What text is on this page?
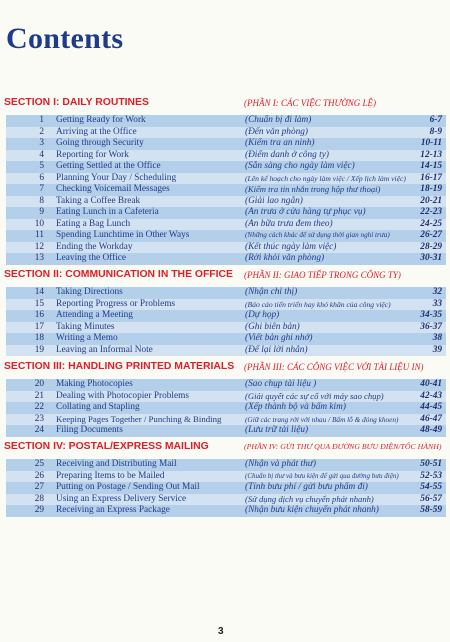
Contents
SECTION I: DAILY ROUTINES	(PHẦN I: CÁC VIỆC THƯỜNG LỆ)
1 Getting Ready for Work	(Chuẩn bị đi làm)	6-7
2 Arriving at the Office	(Đến văn phòng)	8-9
3 Going through Security	(Kiểm tra an ninh)	10-11
4 Reporting for Work	(Điểm danh ở công ty)	12-13
5 Getting Settled at the Office	(Sẵn sàng cho ngày làm việc)	14-15
6 Planning Your Day / Scheduling	(Lên kế hoạch cho ngày làm việc / Xếp lịch làm việc)	16-17
7 Checking Voicemail Messages	(Kiểm tra tin nhắn trong hộp thư thoại)	18-19
8 Taking a Coffee Break	(Giải lao ngắn)	20-21
9 Eating Lunch in a Cafeteria	(Ăn trưa ở cửa hàng tự phục vụ)	22-23
10 Eating a Bag Lunch	(Ăn bữa trưa đem theo)	24-25
11 Spending Lunchtime in Other Ways	(Những cách khác để sử dụng thời gian nghỉ trưa)	26-27
12 Ending the Workday	(Kết thúc ngày làm việc)	28-29
13 Leaving the Office	(Rời khỏi văn phòng)	30-31
SECTION II: COMMUNICATION IN THE OFFICE (PHẦN II: GIAO TIẾP TRONG CÔNG TY)
14 Taking Directions	(Nhận chỉ thị)	32
15 Reporting Progress or Problems	(Báo cáo tiến triển hay khó khăn của công việc)	33
16 Attending a Meeting	(Dự họp)	34-35
17 Taking Minutes	(Ghi biên bản)	36-37
18 Writing a Memo	(Viết bản ghi nhớ)	38
19 Leaving an Informal Note	(Để lại lời nhắn)	39
SECTION III: HANDLING PRINTED MATERIALS (PHẦN III: CÁC CÔNG VIỆC VỚI TÀI LIỆU IN)
20 Making Photocopies	(Sao chụp tài liệu )	40-41
21 Dealing with Photocopier Problems	(Giải quyết các sự cố với máy sao chụp)	42-43
22 Collating and Stapling	(Xếp thành bộ và bấm kim)	44-45
23 Keeping Pages Together / Punching & Binding	(Giữ các trang rời với nhau / Bấm lỗ & đóng khoen)	46-47
24 Filing Documents	(Lưu trữ tài liệu)	48-49
SECTION IV: POSTAL/EXPRESS MAILING	(PHẦN IV: GỬI THƯ QUA ĐƯỜNG BƯU ĐIỆN/TỐC HÀNH)
25 Receiving and Distributing Mail	(Nhận và phát thư)	50-51
26 Preparing Items to be Mailed	(Chuẩn bị thư và bưu kiện để gửi qua đường bưu điện)	52-53
27 Putting on Postage / Sending Out Mail	(Tính bưu phí / gửi bưu phẩm đi)	54-55
28 Using an Express Delivery Service	(Sử dụng dịch vụ chuyển phát nhanh)	56-57
29 Receiving an Express Package	(Nhận bưu kiện chuyển phát nhanh)	58-59
3
